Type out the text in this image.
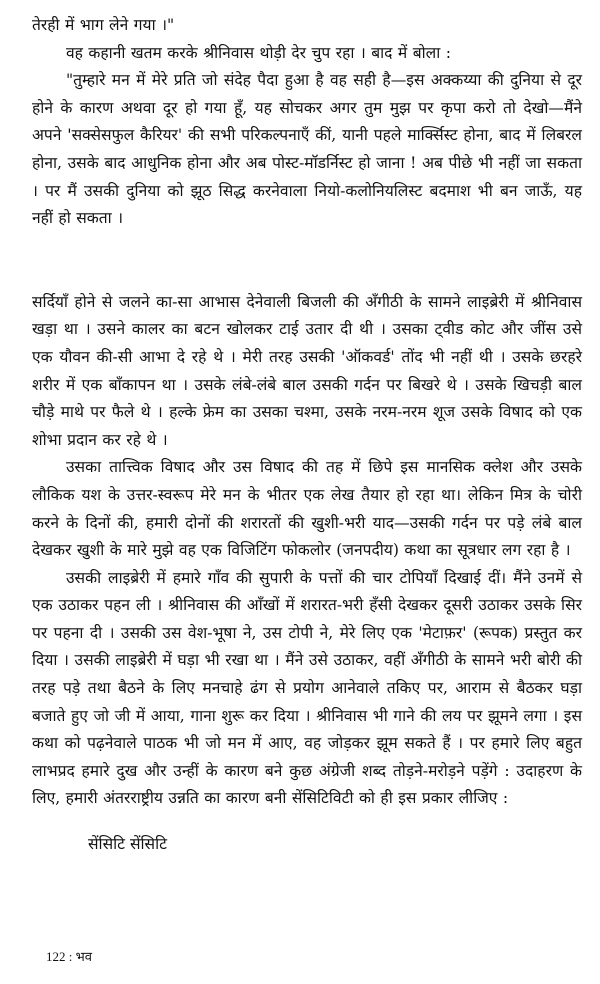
तेरही में भाग लेने गया ।"

वह कहानी खतम करके श्रीनिवास थोड़ी देर चुप रहा । बाद में बोला :

"तुम्हारे मन में मेरे प्रति जो संदेह पैदा हुआ है वह सही है—इस अक्कय्या की दुनिया से दूर होने के कारण अथवा दूर हो गया हूँ, यह सोचकर अगर तुम मुझ पर कृपा करो तो देखो—मैंने अपने 'सक्सेसफुल कैरियर' की सभी परिकल्पनाएँ कीं, यानी पहले मार्क्सिस्ट होना, बाद में लिबरल होना, उसके बाद आधुनिक होना और अब पोस्ट-मॉडर्निस्ट हो जाना ! अब पीछे भी नहीं जा सकता । पर मैं उसकी दुनिया को झूठ सिद्ध करनेवाला नियो-कलोनियलिस्ट बदमाश भी बन जाऊँ, यह नहीं हो सकता ।

सर्दियाँ होने से जलने का-सा आभास देनेवाली बिजली की अँगीठी के सामने लाइब्रेरी में श्रीनिवास खड़ा था । उसने कालर का बटन खोलकर टाई उतार दी थी । उसका ट्वीड कोट और जींस उसे एक यौवन की-सी आभा दे रहे थे । मेरी तरह उसकी 'ऑकवर्ड' तोंद भी नहीं थी । उसके छरहरे शरीर में एक बाँकापन था । उसके लंबे-लंबे बाल उसकी गर्दन पर बिखरे थे । उसके खिचड़ी बाल चौड़े माथे पर फैले थे । हल्के फ्रेम का उसका चश्मा, उसके नरम-नरम शूज उसके विषाद को एक शोभा प्रदान कर रहे थे ।

उसका तात्त्विक विषाद और उस विषाद की तह में छिपे इस मानसिक क्लेश और उसके लौकिक यश के उत्तर-स्वरूप मेरे मन के भीतर एक लेख तैयार हो रहा था। लेकिन मित्र के चोरी करने के दिनों की, हमारी दोनों की शरारतों की खुशी-भरी याद—उसकी गर्दन पर पड़े लंबे बाल देखकर खुशी के मारे मुझे वह एक विजिटिंग फोकलोर (जनपदीय) कथा का सूत्रधार लग रहा है ।

उसकी लाइब्रेरी में हमारे गाँव की सुपारी के पत्तों की चार टोपियाँ दिखाई दीं। मैंने उनमें से एक उठाकर पहन ली । श्रीनिवास की आँखों में शरारत-भरी हँसी देखकर दूसरी उठाकर उसके सिर पर पहना दी । उसकी उस वेश-भूषा ने, उस टोपी ने, मेरे लिए एक 'मेटाफ़र' (रूपक) प्रस्तुत कर दिया । उसकी लाइब्रेरी में घड़ा भी रखा था । मैंने उसे उठाकर, वहीं अँगीठी के सामने भरी बोरी की तरह पड़े तथा बैठने के लिए मनचाहे ढंग से प्रयोग आनेवाले तकिए पर, आराम से बैठकर घड़ा बजाते हुए जो जी में आया, गाना शुरू कर दिया । श्रीनिवास भी गाने की लय पर झूमने लगा । इस कथा को पढ़नेवाले पाठक भी जो मन में आए, वह जोड़कर झूम सकते हैं । पर हमारे लिए बहुत लाभप्रद हमारे दुख और उन्हीं के कारण बने कुछ अंग्रेजी शब्द तोड़ने-मरोड़ने पड़ेंगे : उदाहरण के लिए, हमारी अंतरराष्ट्रीय उन्नति का कारण बनी सेंसिटिविटी को ही इस प्रकार लीजिए :

सेंसिटि सेंसिटि
122 : भव
